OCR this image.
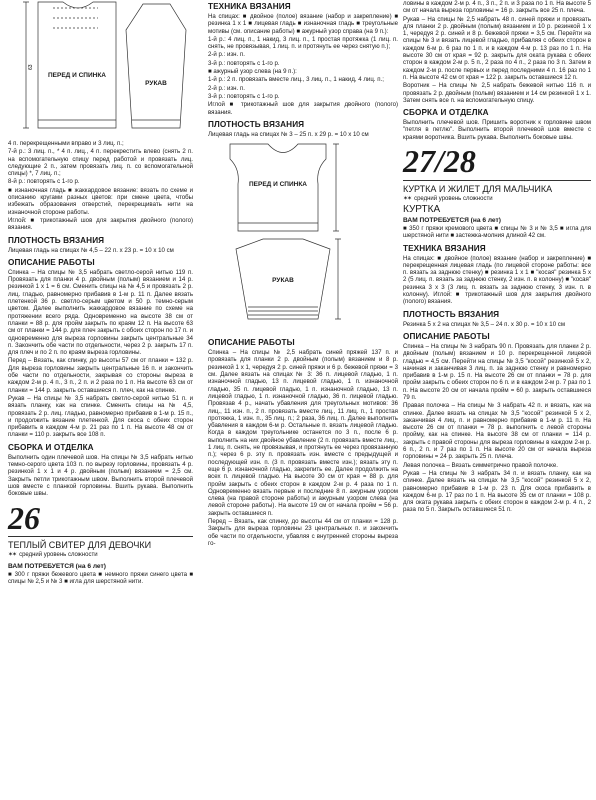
63
ПЕРЕД И СПИНКА
РУКАВ

4 п. перекрещенными вправо и 3 лиц. п.;

7-й р.: 3 лиц. п., * 4 п. лиц., 4 п. перекрестить влево (снять 2 п. на вспомогательную спицу перед работой и провязать лиц. следующие 2 п., затем провязать лиц. п. со вспомогательной спицы) *, 7 лиц. п.;

8-й р.: повторять с 1-го р.

■ изнаночная гладь ■ жаккардовое вязание: вязать по схеме и описанию кругами разных цветов: при смене цвета, чтобы избежать образования отверстий, перекрещивать нити на изнаночной стороне работы.

Иглой: ■ трикотажный шов для закрытия двойного (полого) вязания.

ПЛОТНОСТЬ ВЯЗАНИЯ

Лицевая гладь на спицах № 4,5 – 22 п. x 23 р. = 10 x 10 см

ОПИСАНИЕ РАБОТЫ

Спинка – На спицы № 3,5 набрать светло-серой нитью 119 п. Провязать для планки 4 р. двойным (полым) вязанием и 14 р. резинкой 1 x 1 = 6 см. Сменить спицы на № 4,5 и провязать 2 р. лиц. гладью, равномерно прибавив в 1-м р. 11 п. Далее вязать плетенкой 36 р. светло-серым цветом и 50 р. темно-серым цветом. Далее выполнить жаккардовое вязание по схеме на протяжении всего ряда. Одновременно на высоте 38 см от планки = 88 р. для пройм закрыть по краям 12 п. На высоте 63 см от планки = 144 р. для плеч закрыть с обоих сторон по 17 п. и одновременно для выреза горловины закрыть центральные 34 п. Закончить обе части по отдельности, через 2 р. закрыть 17 п. для плеч и по 2 п. по краям выреза горловины.

Перед – Вязать, как спинку, до высоты 57 см от планки = 132 р. Для выреза горловины закрыть центральные 16 п. и закончить обе части по отдельности, закрывая со стороны выреза в каждом 2-м р. 4 п., 3 п., 2 п. и 2 раза по 1 п. На высоте 63 см от планки = 144 р. закрыть оставшиеся п. плеч, как на спинке.

Рукав – На спицы № 3,5 набрать светло-серой нитью 51 п. и вязать планку, как на спинке. Сменить спицы на № 4,5, провязать 2 р. лиц. гладью, равномерно прибавив в 1-м р. 15 п., и продолжить вязание плетенкой. Для скоса с обеих сторон прибавить в каждом 4-м р. 21 раз по 1 п. На высоте 48 см от планки = 110 р. закрыть все 108 п.

СБОРКА И ОТДЕЛКА

Выполнить один плечевой шов. На спицы № 3,5 набрать нитью темно-серого цвета 103 п. по вырезу горловины, провязать 4 р. резинкой 1 x 1 и 4 р. двойным (полым) вязанием = 2,5 см. Закрыть петли трикотажным швом. Выполнить второй плечевой шов вместе с планкой горловины. Вшить рукава. Выполнить боковые швы.

26
ТЕПЛЫЙ СВИТЕР ДЛЯ ДЕВОЧКИ
✶✶ средний уровень сложности
ВАМ ПОТРЕБУЕТСЯ (на 6 лет)

■ 300 г пряжи бежевого цвета ■ немного пряжи синего цвета ■ спицы № 2,5 и № 3 ■ игла для шерстяной нити.

ТЕХНИКА ВЯЗАНИЯ

На спицах: ■ двойное (полое) вязание (набор и закрепление) ■ резинка 1 x 1 ■ лицевая гладь ■ изнаночная гладь ■ треугольные мотивы (см. описание работы) ■ ажурный узор справа (на 9 п.):

1-й р.: 4 лиц. п., 1 накид, 3 лиц. п., 1 простая протяжка (1 лиц. п. снять, не провязывая, 1 лиц. п. и протянуть ее через снятую п.);

2-й р.: изн. п.

3-й р.: повторять с 1-го р.

■ ажурный узор слева (на 9 п.):

1-й р.: 2 п. провязать вместе лиц., 3 лиц. п., 1 накид, 4 лиц. п.;

2-й р.: изн. п.

3-й р.: повторять с 1-го р.

Иглой ■ трикотажный шов для закрытия двойного (полого) вязания.

ПЛОТНОСТЬ ВЯЗАНИЯ

Лицевая гладь на спицах № 3 – 25 п. x 29 р. = 10 x 10 см

ПЕРЕД И СПИНКА
РУКАВ
ОПИСАНИЕ РАБОТЫ

Спинка – На спицы № 2,5 набрать синей пряжей 137 п. и провязать для планки 2 р. двойным (полым) вязанием и 8 р. резинкой 1 x 1, чередуя 2 р. синей пряжи и 6 р. бежевой пряжи = 3 см. Далее вязать на спицах № 3: 36 п. лицевой гладью, 1 п. изнаночной гладью, 13 п. лицевой гладью, 1 п. изнаночной гладью, 35 п. лицевой гладью, 1 п. изнаночной гладью, 13 п. лицевой гладью, 1 п. изнаночной гладью, 36 п. лицевой гладью. Провязав 4 р., начать убавления для треугольных мотивов: 36 лиц., 11 изн. п., 2 п. провязать вместе лиц., 11 лиц. п., 1 простая протяжка, 1 изн. п., 35 лиц. п.; 2 раза, 36 лиц. п. Далее выполнить убавления в каждом 6-м р. Остальные п. вязать лицевой гладью. Когда в каждом треугольнике останется по 3 п., после 6 р. выполнить на них двойное убавление (2 п. провязать вместе лиц., 1 лиц. п. снять, не провязывая, и протянуть ее через провязанную п.); через 6 р. эту п. провязать изн. вместе с предыдущей и последующей изн. п. (3 п. провязать вместе изн.); вязать эту п. еще 6 р. изнаночной гладью, закрепить ее. Далее продолжить на всех п. лицевой гладью. На высоте 30 см от края = 88 р. для пройм закрыть с обеих сторон в каждом 2-м р. 4 раза по 1 п. Одновременно вязать первые и последние 8 п. ажурным узором слева (на правой стороне работы) и ажурным узором слева (на левой стороне работы). На высоте 19 см от начала пройм = 56 р. закрыть оставшиеся п.

Перед – Вязать, как спинку, до высоты 44 см от планки = 128 р. Закрыть для выреза горловины 23 центральных п. и закончить обе части по отдельности, убавляя с внутренней стороны выреза го-

ловины в каждом 2-м р. 4 п., 3 п., 2 п. и 3 раза по 1 п. На высоте 5 см от начала выреза горловины = 16 р. закрыть все 25 п. плеча.

Рукав – На спицы № 2,5 набрать 48 п. синей пряжи и провязать для планки 2 р. двойным (полым) вязанием и 10 р. резинкой 1 x 1, чередуя 2 р. синей и 8 р. бежевой пряжи = 3,5 см. Перейти на спицы № 3 и вязать лицевой гладью, прибавляя с обеих сторон в каждом 6-м р. 6 раз по 1 п. и в каждом 4-м р. 13 раз по 1 п. На высоте 30 см от края = 92 р. закрыть для оката рукава с обеих сторон в каждом 2-м р. 5 п., 2 раза по 4 п., 2 раза по 3 п. Затем в каждом 2-м р. после первых и перед последними 4 п. 16 раз по 1 п. На высоте 42 см от края = 122 р. закрыть оставшиеся 12 п.

Воротник – На спицы № 2,5 набрать бежевой нитью 116 п. и провязать 2 р. двойным (полым) вязанием и 14 см резинкой 1 x 1. Затем снять все п. на вспомогательную спицу.

СБОРКА И ОТДЕЛКА

Выполнить плечевой шов. Пришить воротник к горловине швом "петля в петлю". Выполнить второй плечевой шов вместе с краями воротника. Вшить рукава. Выполнить боковые швы.

27/28
КУРТКА И ЖИЛЕТ ДЛЯ МАЛЬЧИКА
✶✶ средний уровень сложности
КУРТКА
ВАМ ПОТРЕБУЕТСЯ (на 6 лет)

■ 350 г пряжи кремового цвета ■ спицы № 3 и № 3,5 ■ игла для шерстяной нити ■ застежка-молния длиной 42 см.

ТЕХНИКА ВЯЗАНИЯ

На спицах: ■ двойное (полое) вязание (набор и закрепление) ■ перекрещенная лицевая гладь (по лицевой стороне работы: все п. вязать за заднюю стенку) ■ резинка 1 x 1 ■ "косая" резинка 5 x 2 (5 лиц. п. вязать за заднюю стенку, 2 изн. п. в колонну) ■ "косая" резинка 3 x 3 (3 лиц. п. вязать за заднюю стенку, 3 изн. п. в колонну). Иглой: ■ трикотажный шов для закрытия двойного (полого) вязания.

ПЛОТНОСТЬ ВЯЗАНИЯ

Резинка 5 x 2 на спицах № 3,5 – 24 п. x 30 р. = 10 x 10 см

ОПИСАНИЕ РАБОТЫ

Спинка – На спицы № 3 набрать 90 п. Провязать для планки 2 р. двойным (полым) вязанием и 10 р. перекрещенной лицевой гладью = 4,5 см. Перейти на спицы № 3,5 "косой" резинкой 5 x 2, начиная и заканчивая 3 лиц. п. за заднюю стенку и равномерно прибавив в 1-м р. 15 п. На высоте 26 см от планки = 78 р. для пройм закрыть с обеих сторон по 6 п. и в каждом 2-м р. 7 раз по 1 п. На высоте 20 см от начала пройм = 60 р. закрыть оставшиеся 79 п.

Правая полочка – На спицы № 3 набрать 42 п. и вязать, как на спинке. Далее вязать на спицах № 3,5 "косой" резинкой 5 x 2, заканчивая 4 лиц. п. и равномерно прибавив в 1-м р. 11 п. На высоте 26 см от планки = 78 р. выполнить с левой стороны пройму, как на спинке. На высоте 38 см от планки = 114 р. закрыть с правой стороны для выреза горловины в каждом 2-м р. 6 п., 2 п. и 7 раз по 1 п. На высоте 20 см от начала выреза горловины = 24 р. закрыть 25 п. плеча.

Левая полочка – Вязать симметрично правой полочке.

Рукав – На спицы № 3 набрать 34 п. и вязать планку, как на спинке. Далее вязать на спицах № 3,5 "косой" резинкой 5 x 2, равномерно прибавив в 1-м р. 23 п. Для скоса прибавить в каждом 6-м р. 17 раз по 1 п. На высоте 35 см от планки = 108 р. для оката рукава закрыть с обеих сторон в каждом 2-м р. 4 п., 2 раза по 5 п. Закрыть оставшиеся 51 п.
